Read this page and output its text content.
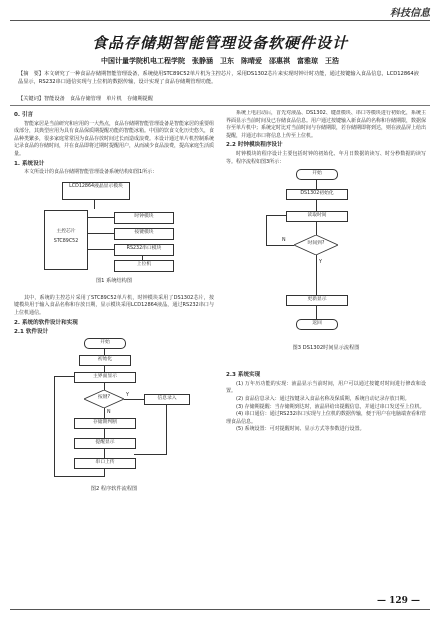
科技信息
食品存储期智能管理设备软硬件设计
中国计量学院机电工程学院　张静涵　卫东　陈晴爱　邵惠祺　富雅琼　王浩
【摘　要】本文研究了一种食品存储期智能管理设备，系统使用STC89C52单片机为主控芯片，采用DS1302芯片来实现时钟计时功能，通过按键输入食品信息，LCD12864液晶显示，RS232串口通信实现与上位机的数据传输，设计实现了食品存储期管理功能。
【关键词】智能设备　食品存储管理　单片机　存储期提醒
0. 引言

智能家居是当前研究和应用的一大热点，食品存储期智能管理设备是智能家居的重要组成部分，其典型应用为具有食品保质期提醒功能的智能冰箱。中国的饮食文化历史悠久，食品种类繁多，很多家庭常常因为食品存放时间过长而造成浪费。本设计通过单片机控制系统记录食品的存储时间，并在食品即将过期时提醒用户，从而减少食品浪费，提高家庭生活质量。

1. 系统设计

本文所设计的食品存储期智能管理设备系统结构如图1所示：

LCD12864液晶显示模块
主控芯片STC89C52
时钟模块
按键模块
RS232串口模块
上位机
图1 系统结构图

其中，系统的主控芯片采用了STC89C52单片机，时钟模块采用了DS1302芯片，按键模块用于输入食品名称和存放日期，显示模块采用LCD12864液晶，通过RS232串口与上位机通信。

2. 系统的软件设计和实现
2.1 软件设计
开始
初始化
主界面显示
按键?	Y
信息录入
N
存储期判断
提醒显示
串口上传
图2 程序软件流程图

系统上电启动后，首先对液晶、DS1302、键盘模块、串口等模块进行初始化，系统主界面显示当前时间及已存储食品信息。用户通过按键输入新食品的名称和存储期限，数据保存至单片机中；系统定时比对当前时间与存储期限，若存储期即将到达，则在液晶屏上给出提醒，并通过串口将信息上传至上位机。

2.2 时钟模块程序设计

时钟模块的程序设计主要包括时钟的初始化、年月日数据的读写、时分秒数据的读写等。程序流程如图3所示：

开始
DS1302初始化
读取时间
时间到?
N
Y
更新显示
返回
图3 DS1302时间显示流程图
2.3 系统实现

(1) 万年历功能的实现：液晶显示当前时间，用户可以通过按键对时间进行修改和设置。

(2) 食品信息录入：通过按键录入食品名称及保质期，系统自动记录存放日期。

(3) 存储期提醒：当存储期到达时，液晶屏给出提醒信息，并通过串口发送至上位机。

(4) 串口通信：通过RS232串口实现与上位机的数据传输，便于用户在电脑端查看和管理食品信息。

(5) 系统设置：可对提醒时间、显示方式等参数进行设置。

— 129 —
